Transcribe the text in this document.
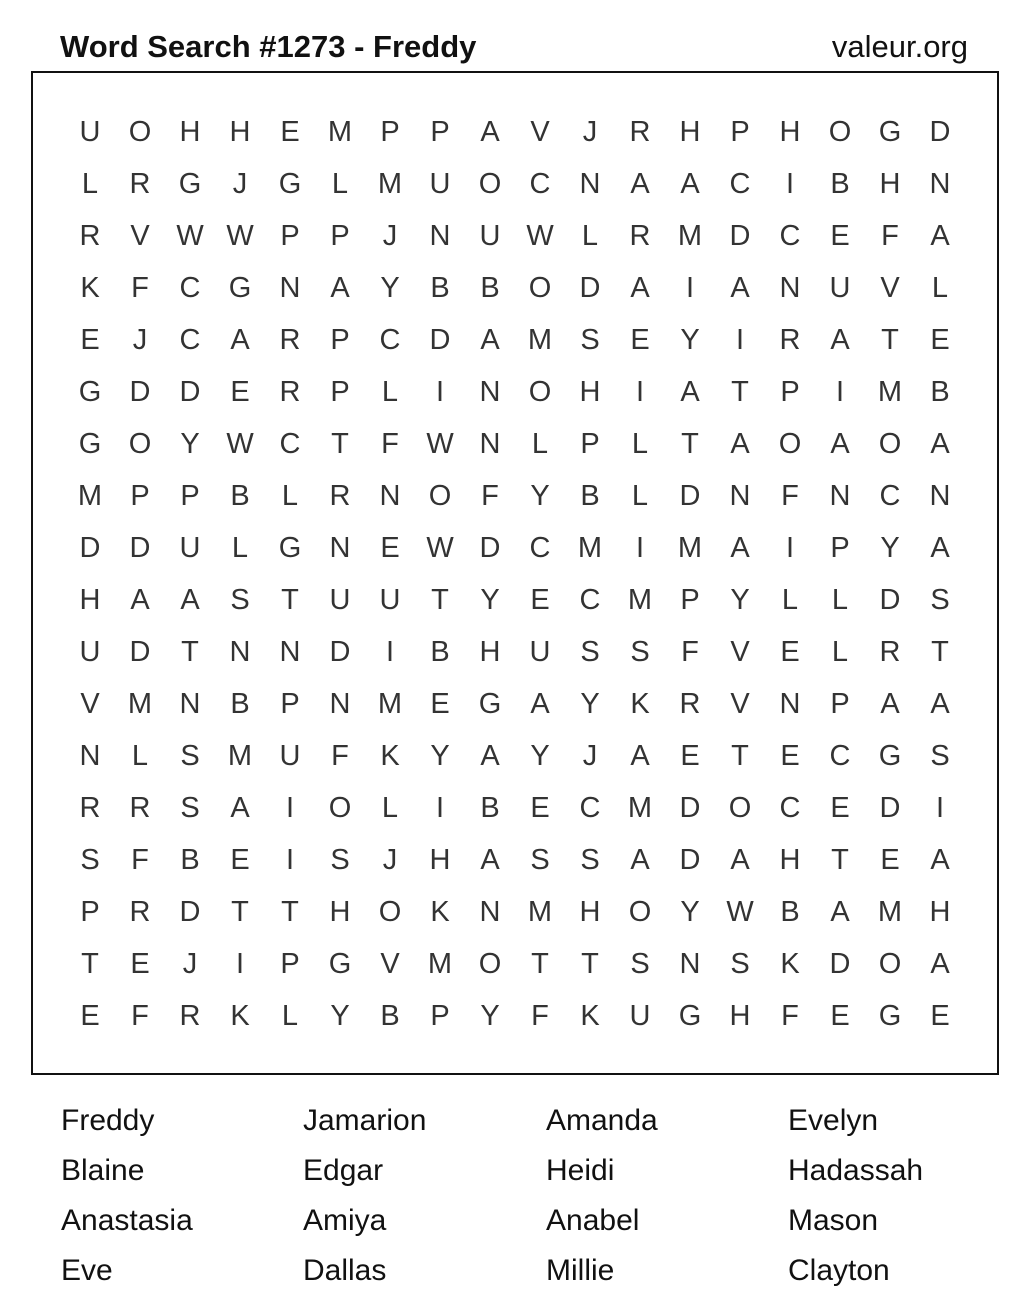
Word Search #1273 - Freddy	valeur.org
U O H	H	E M P	P	A	V	J	R	H	P	H O G D
L	R G	J	G	L	M U O C	N	A	A	C	I	B	H	N
R	V W W P	P	J	N	U W L	R M D	C	E	F	A
K	F	C G N	A	Y	B	B	O D	A	I	A	N	U	V	L
E	J	C	A	R	P	C	D	A M S	E	Y	I	R	A	T	E
G D	D	E	R	P	L	I	N O H	I	A	T	P	I	M B
G O	Y W C	T	F W N	L	P	L	T	A	O	A	O	A
M P	P	B	L	R	N O	F	Y	B	L	D	N	F	N	C	N
D	D	U	L	G N	E W D	C M	I	M A	I	P	Y	A
H	A	A	S	T	U	U	T	Y	E	C M P	Y	L	L	D	S
U	D	T	N	N	D	I	B	H	U	S	S	F	V	E	L	R	T
V M N	B	P	N M E	G	A	Y	K	R	V	N	P	A	A
N	L	S M U	F	K	Y	A	Y	J	A	E	T	E	C G	S
R	R	S	A	I	O	L	I	B	E	C M D O C	E	D	I
S	F	B	E	I	S	J	H	A	S	S	A	D	A	H	T	E	A
P	R	D	T	T	H O	K	N M H O	Y W B	A M H
T	E	J	I	P	G	V M O	T	T	S	N	S	K	D O	A
E	F	R	K	L	Y	B	P	Y	F	K	U G H	F	E	G	E
Freddy	Jamarion	Amanda	Evelyn
Blaine	Edgar	Heidi	Hadassah
Anastasia	Amiya	Anabel	Mason
Eve	Dallas	Millie	Clayton
